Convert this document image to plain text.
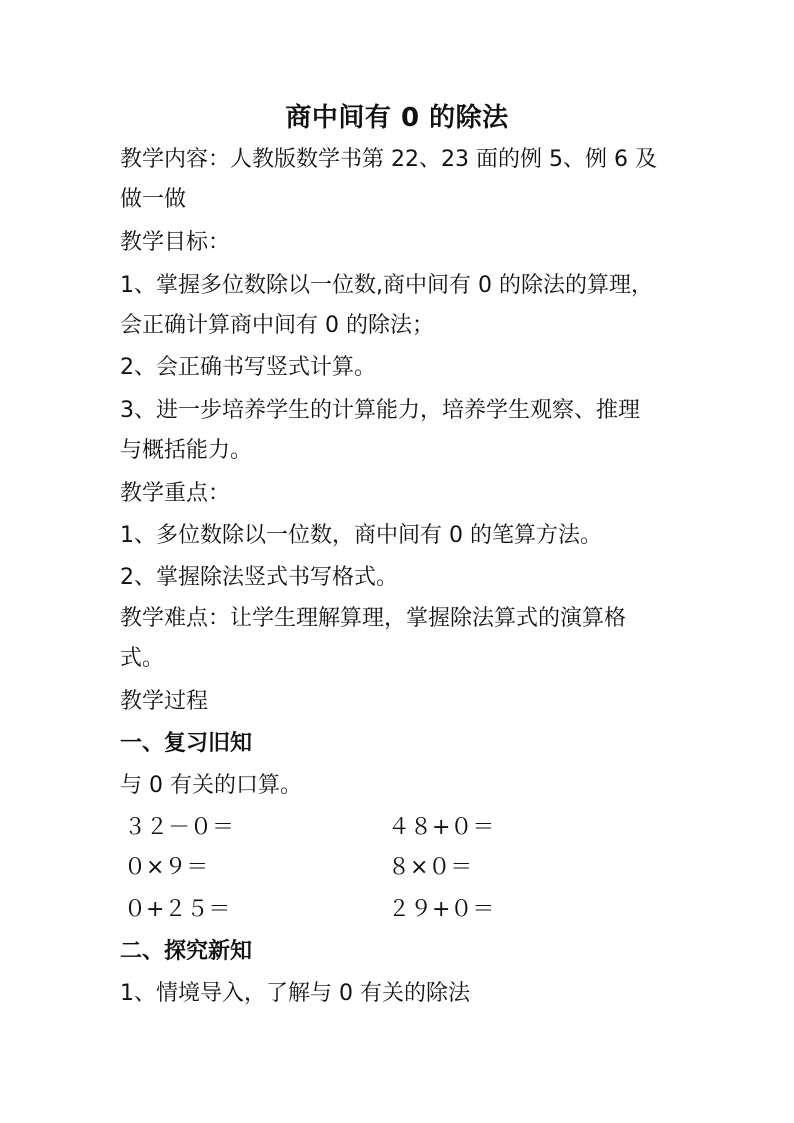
商中间有 0 的除法
教学内容：人教版数学书第 22、23 面的例 5、例 6 及
做一做
教学目标：
1、掌握多位数除以一位数,商中间有 0 的除法的算理，
会正确计算商中间有 0 的除法；
2、会正确书写竖式计算。
3、进一步培养学生的计算能力，培养学生观察、推理
与概括能力。
教学重点：
1、多位数除以一位数，商中间有 0 的笔算方法。
2、掌握除法竖式书写格式。
教学难点：让学生理解算理，掌握除法算式的演算格
式。
教学过程
一、复习旧知
与 0 有关的口算。
３２－０＝	４８+０＝
０×９＝	８×０＝
０+２５＝	２９+０＝
二、探究新知
1、情境导入，了解与 0 有关的除法
